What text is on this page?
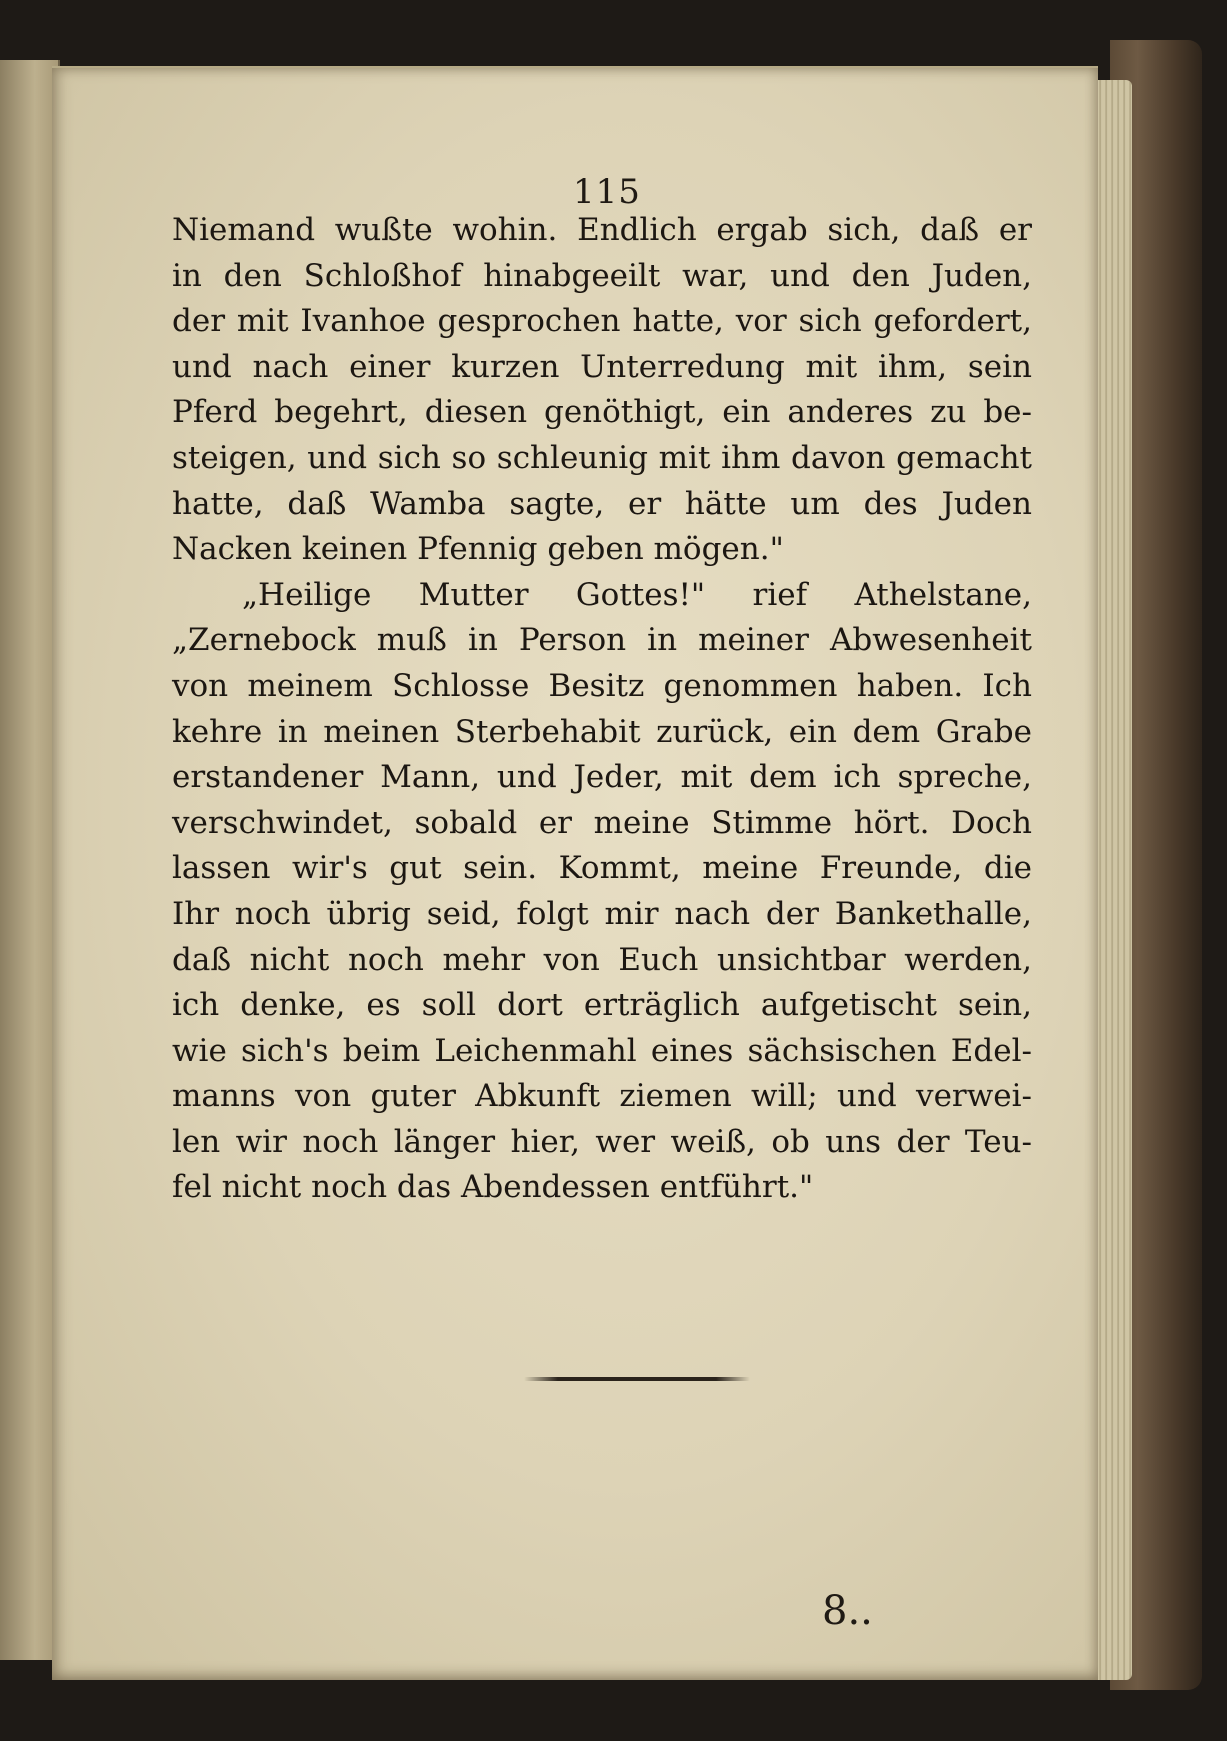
115
Niemand wußte wohin. Endlich ergab sich, daß er
in den Schloßhof hinabgeeilt war, und den Juden,
der mit Ivanhoe gesprochen hatte, vor sich gefordert,
und nach einer kurzen Unterredung mit ihm, sein
Pferd begehrt, diesen genöthigt, ein anderes zu be-
steigen, und sich so schleunig mit ihm davon gemacht
hatte, daß Wamba sagte, er hätte um des Juden
Nacken keinen Pfennig geben mögen."
„Heilige Mutter Gottes!" rief Athelstane,
„Zernebock muß in Person in meiner Abwesenheit
von meinem Schlosse Besitz genommen haben. Ich
kehre in meinen Sterbehabit zurück, ein dem Grabe
erstandener Mann, und Jeder, mit dem ich spreche,
verschwindet, sobald er meine Stimme hört. Doch
lassen wir's gut sein. Kommt, meine Freunde, die
Ihr noch übrig seid, folgt mir nach der Bankethalle,
daß nicht noch mehr von Euch unsichtbar werden,
ich denke, es soll dort erträglich aufgetischt sein,
wie sich's beim Leichenmahl eines sächsischen Edel-
manns von guter Abkunft ziemen will; und verwei-
len wir noch länger hier, wer weiß, ob uns der Teu-
fel nicht noch das Abendessen entführt."
8..
